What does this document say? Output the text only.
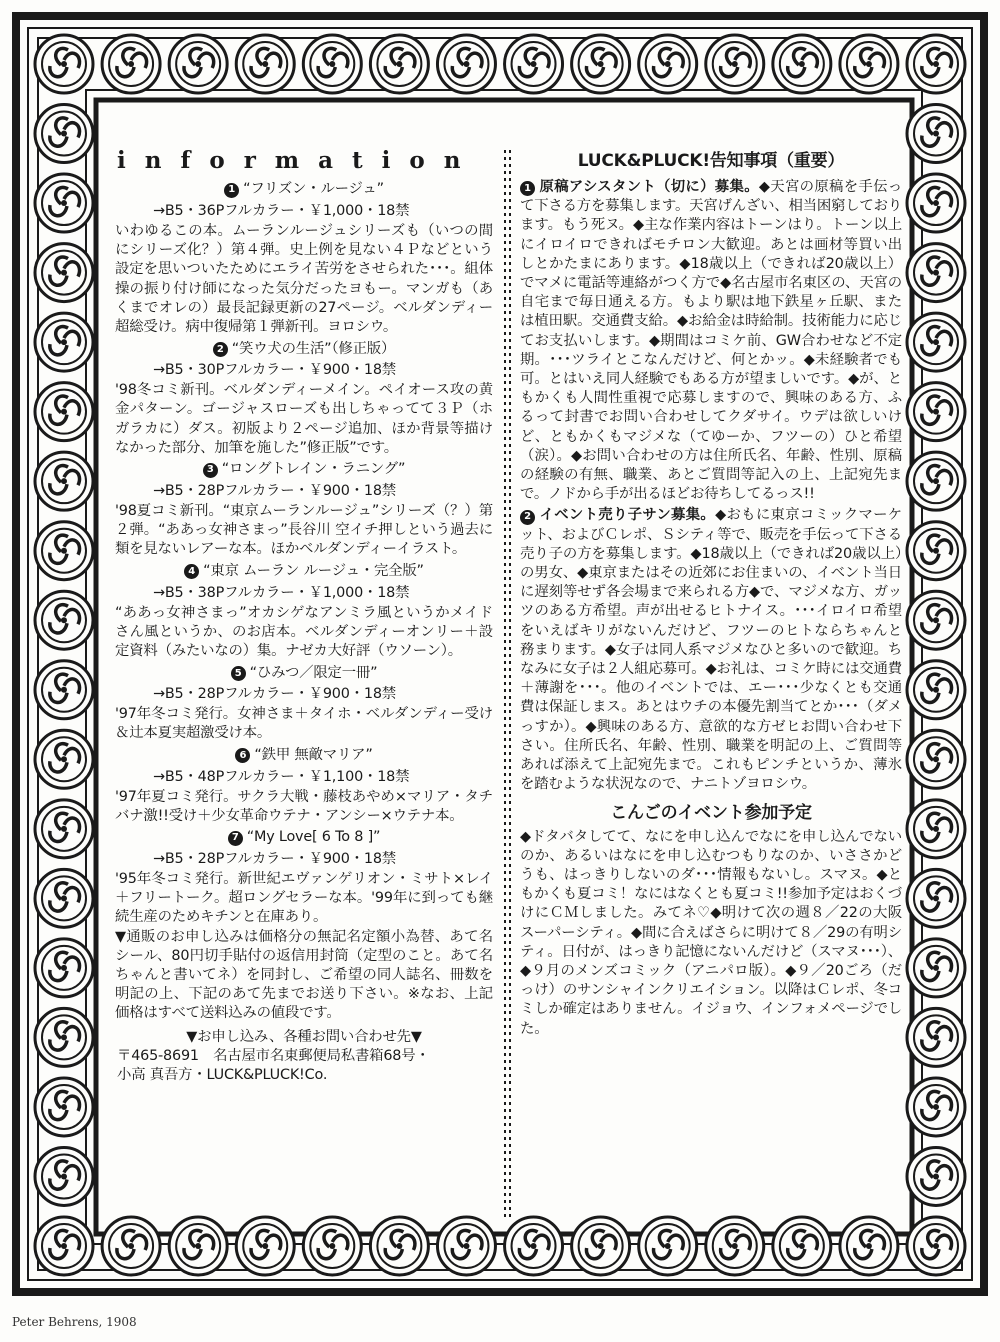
information
1 “フリズン・ルージュ”
→B5・36Pフルカラー・￥1,000・18禁

いわゆるこの本。ムーランルージュシリーズも（いつの間にシリーズ化？）第４弾。史上例を見ない４Ｐなどという設定を思いついたためにエライ苦労をさせられた･･･。組体操の振り付け師になった気分だったヨもー。マンガも（あくまでオレの）最長記録更新の27ページ。ベルダンディー超総受け。病中復帰第１弾新刊。ヨロシウ。

2 “笑ウ犬の生活”（修正版）
→B5・30Pフルカラー・￥900・18禁

'98冬コミ新刊。ベルダンディーメイン。ペイオース攻の黄金パターン。ゴージャスローズも出しちゃってて３Ｐ（ホガラカに）ダス。初版より２ページ追加、ほか背景等描けなかった部分、加筆を施した”修正版”です。

3 “ロングトレイン・ラニング”
→B5・28Pフルカラー・￥900・18禁

'98夏コミ新刊。“東京ムーランルージュ”シリーズ（？）第２弾。“ああっ女神さまっ”長谷川 空イチ押しという過去に類を見ないレアーな本。ほかベルダンディーイラスト。

4 “東京 ムーラン ルージュ・完全版”
→B5・38Pフルカラー・￥1,000・18禁

“ああっ女神さまっ”オカシゲなアンミラ風というかメイドさん風というか、のお店本。ベルダンディーオンリー＋設定資料（みたいなの）集。ナゼカ大好評（ウソーン）。

5 “ひみつ／限定一冊”
→B5・28Pフルカラー・￥900・18禁

'97年冬コミ発行。女神さま＋タイホ・ベルダンディー受け＆辻本夏実超激受け本。

6 “鉄甲 無敵マリア”
→B5・48Pフルカラー・￥1,100・18禁

'97年夏コミ発行。サクラ大戦・藤枝あやめ×マリア・タチバナ激!!受け＋少女革命ウテナ・アンシー×ウテナ本。

7 “My Love[ 6 To 8 ]”
→B5・28Pフルカラー・￥900・18禁

'95年冬コミ発行。新世紀エヴァンゲリオン・ミサト×レイ＋フリートーク。超ロングセラーな本。'99年に到っても継続生産のためキチンと在庫あり。

▼通販のお申し込みは価格分の無記名定額小為替、あて名シール、80円切手貼付の返信用封筒（定型のこと。あて名ちゃんと書いてネ）を同封し、ご希望の同人誌名、冊数を明記の上、下記のあて先までお送り下さい。※なお、上記価格はすべて送料込みの値段です。

▼お申し込み、各種お問い合わせ先▼
〒465-8691　名古屋市名東郵便局私書箱68号・
小高 真吾方・LUCK&PLUCK!Co.
LUCK&PLUCK!告知事項（重要）

1 原稿アシスタント（切に）募集。◆天宮の原稿を手伝って下さる方を募集します。天宮げんざい、相当困窮しております。もう死ヌ。◆主な作業内容はトーンはり。トーン以上にイロイロできればモチロン大歓迎。あとは画材等買い出しとかたまにあります。◆18歳以上（できれば20歳以上）でマメに電話等連絡がつく方で◆名古屋市名東区の、天宮の自宅まで毎日通える方。もより駅は地下鉄星ヶ丘駅、または植田駅。交通費支給。◆お給金は時給制。技術能力に応じてお支払いします。◆期間はコミケ前、GW合わせなど不定期。･･･ツライとこなんだけど、何とかッ。◆未経験者でも可。とはいえ同人経験でもある方が望ましいです。◆が、ともかくも人間性重視で応募しますので、興味のある方、ふるって封書でお問い合わせしてクダサイ。ウデは欲しいけど、ともかくもマジメな（てゆーか、フツーの）ひと希望（涙）。◆お問い合わせの方は住所氏名、年齢、性別、原稿の経験の有無、職業、あとご質問等記入の上、上記宛先まで。ノドから手が出るほどお待ちしてるっス!!

2 イベント売り子サン募集。◆おもに東京コミックマーケット、およびＣレポ、Ｓシティ等で、販売を手伝って下さる売り子の方を募集します。◆18歳以上（できれば20歳以上）の男女、◆東京またはその近郊にお住まいの、イベント当日に遅刻等せず各会場まで来られる方◆で、マジメな方、ガッツのある方希望。声が出せるヒトナイス。･･･イロイロ希望をいえばキリがないんだけど、フツーのヒトならちゃんと務まります。◆女子は同人系マジメなひと多いので歓迎。ちなみに女子は２人組応募可。◆お礼は、コミケ時には交通費＋薄謝を･･･。他のイベントでは、エー･･･少なくとも交通費は保証しまス。あとはウチの本優先割当てとか･･･（ダメっすか）。◆興味のある方、意欲的な方ゼヒお問い合わせ下さい。住所氏名、年齢、性別、職業を明記の上、ご質問等あれば添えて上記宛先まで。これもピンチというか、薄氷を踏むような状況なので、ナニトゾヨロシウ。

こんごのイベント参加予定

◆ドタバタしてて、なにを申し込んでなにを申し込んでないのか、あるいはなにを申し込むつもりなのか、いささかどうも、はっきりしないのダ･･･情報もないし。スマヌ。◆ともかくも夏コミ！なにはなくとも夏コミ!!参加予定はおくづけにＣＭしました。みてネ♡◆明けて次の週８／22の大阪スーパーシティ。◆間に合えばさらに明けて８／29の有明シティ。日付が、はっきり記憶にないんだけど（スマヌ･･･）、◆９月のメンズコミック（アニパロ版）。◆９／20ごろ（だっけ）のサンシャインクリエイション。以降はＣレポ、冬コミしか確定はありません。イジョウ、インフォメページでした。

Peter Behrens, 1908
